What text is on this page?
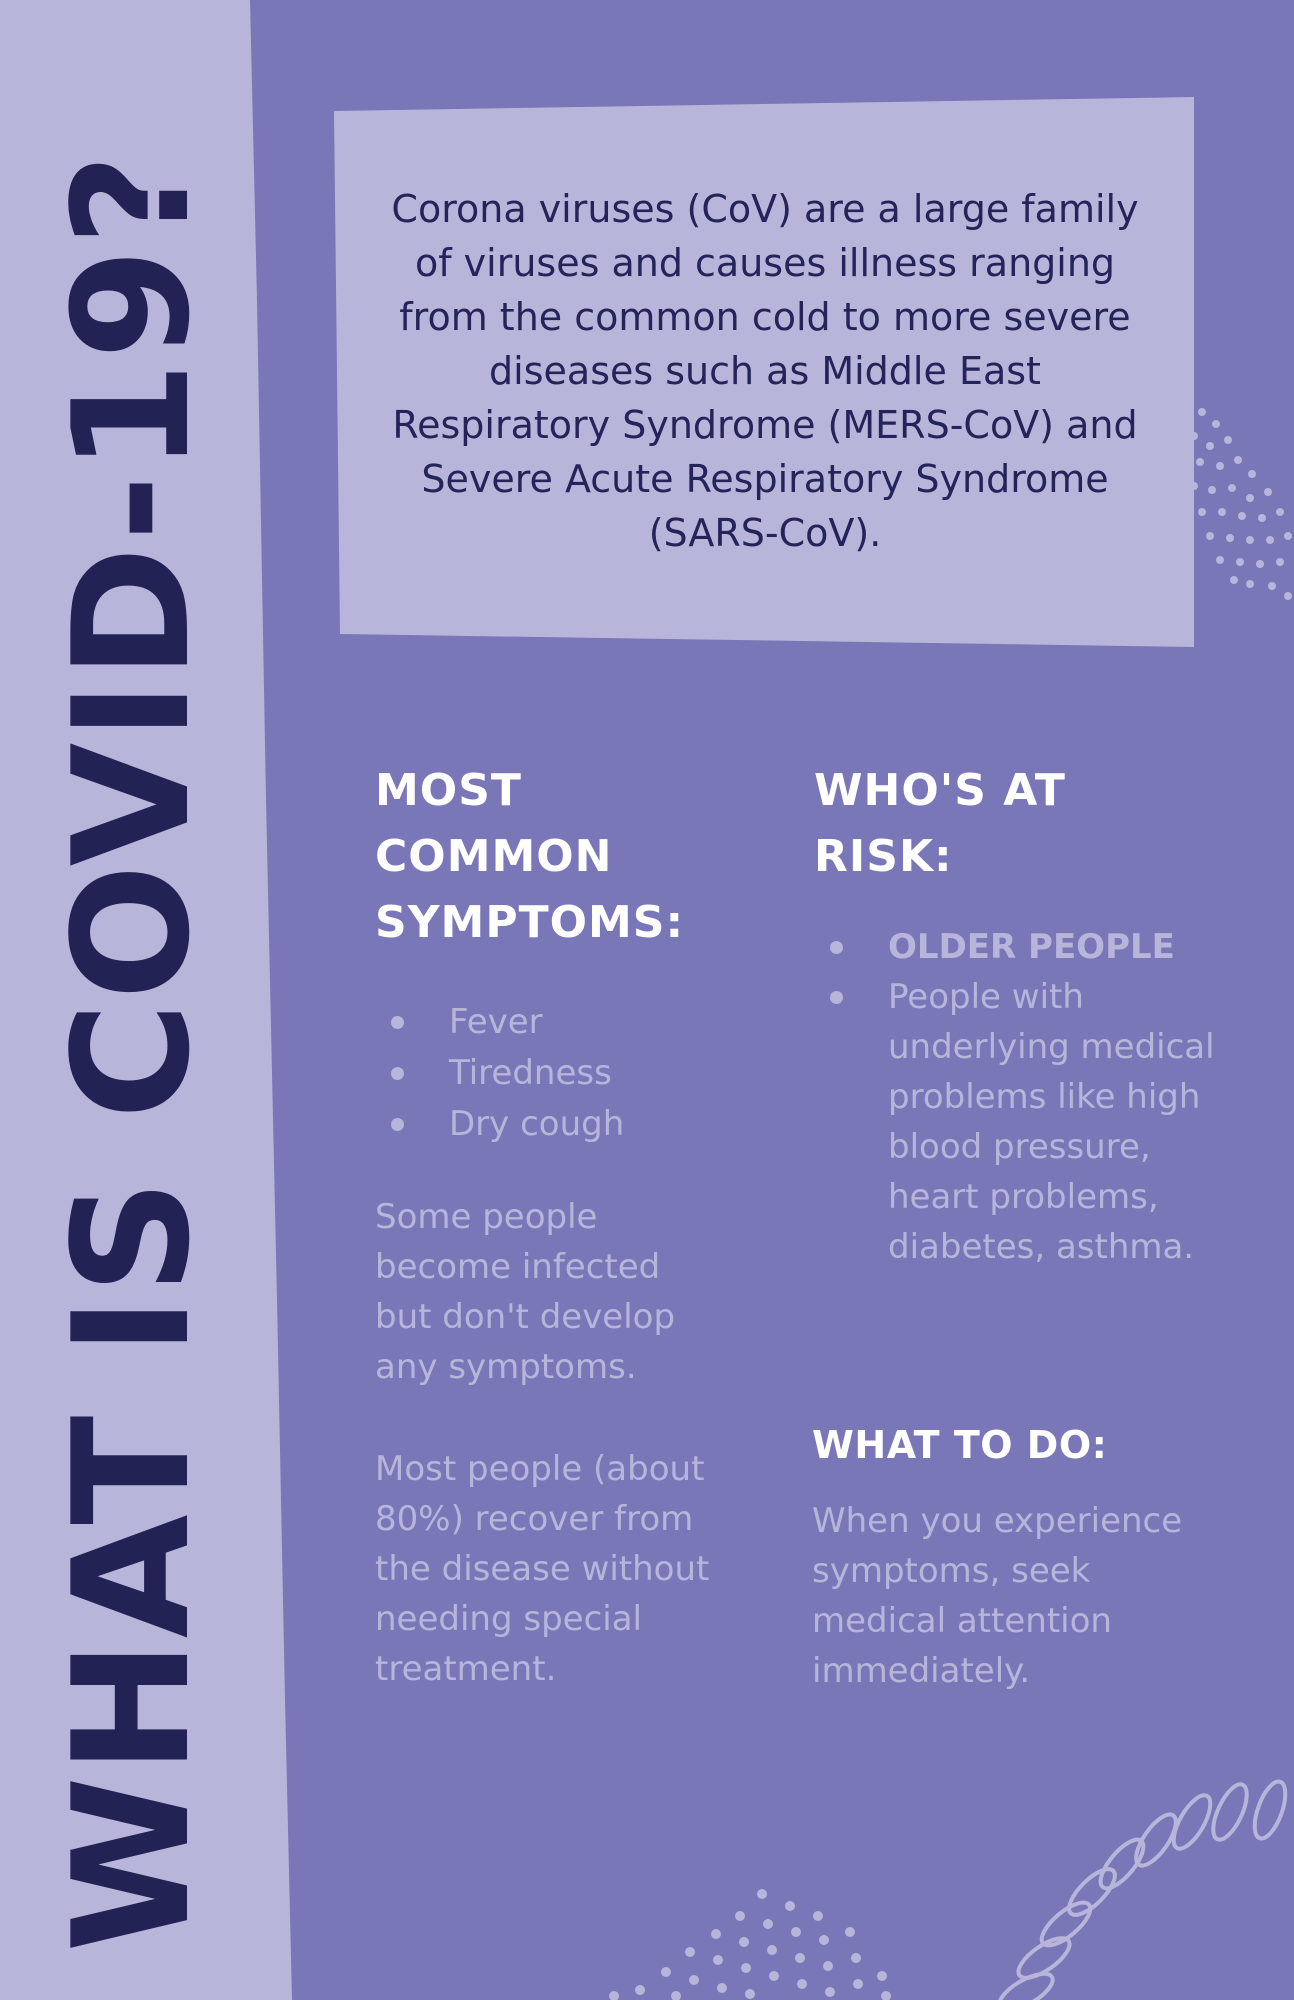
WHAT IS COVID-19?	Corona viruses (CoV) are a large family of viruses and causes illness ranging from the common cold to more severe diseases such as Middle East Respiratory Syndrome (MERS-CoV) and Severe Acute Respiratory Syndrome (SARS-CoV).
MOST COMMON SYMPTOMS:
Fever
Tiredness
Dry cough

Some people become infected but don't develop any symptoms.

Most people (about 80%) recover from the disease without needing special treatment.

WHO'S AT RISK:
OLDER PEOPLE
People with underlying medical problems like high blood pressure, heart problems, diabetes, asthma.
WHAT TO DO:

When you experience symptoms, seek medical attention immediately.
